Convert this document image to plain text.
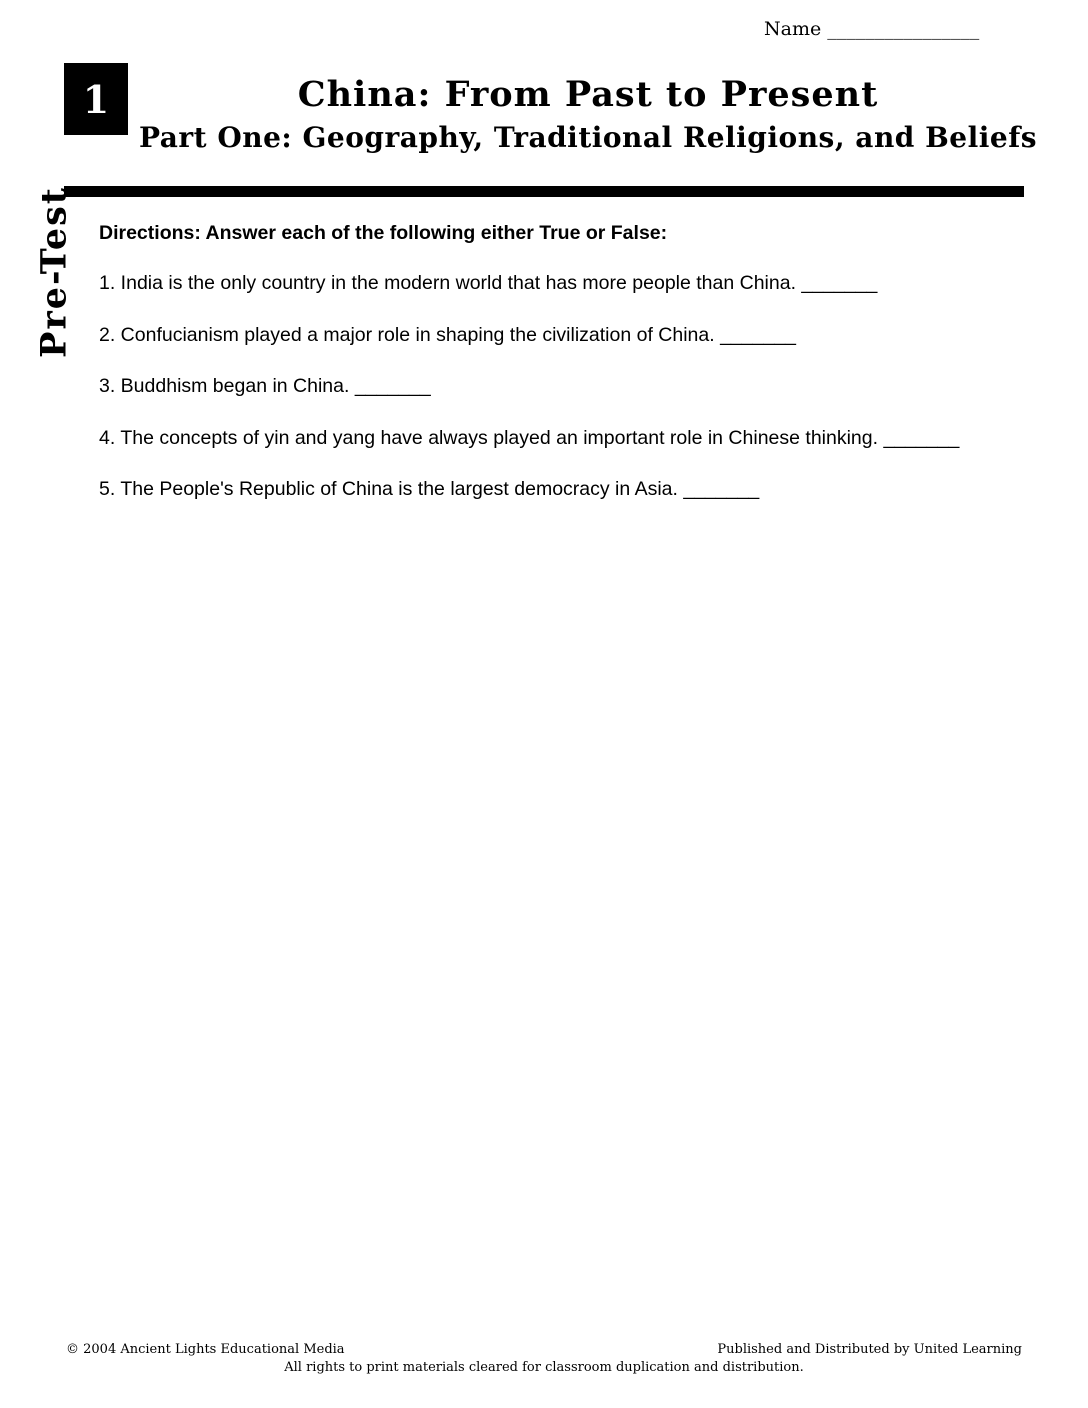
Name ________________
1	China: From Past to Present
Part One: Geography, Traditional Religions, and Beliefs
Pre-Test Directions: Answer each of the following either True or False:
1. India is the only country in the modern world that has more people than China. _______
2. Confucianism played a major role in shaping the civilization of China. _______
3. Buddhism began in China. _______
4. The concepts of yin and yang have always played an important role in Chinese thinking. _______
5. The People's Republic of China is the largest democracy in Asia. _______
© 2004 Ancient Lights Educational Media	Published and Distributed by United Learning
All rights to print materials cleared for classroom duplication and distribution.
